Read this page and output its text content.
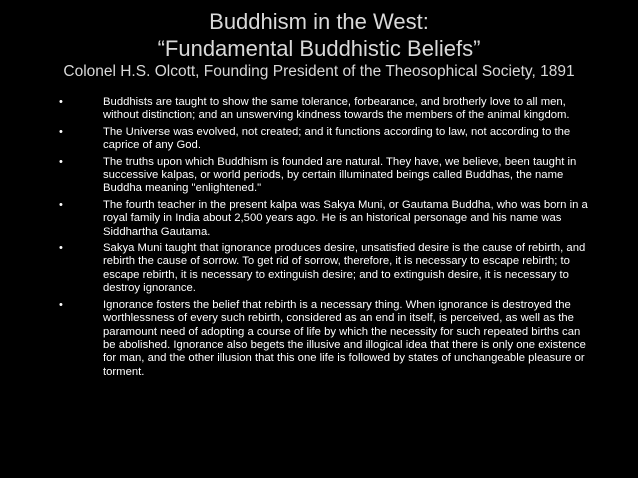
Buddhism in the West:
“Fundamental Buddhistic Beliefs”
Colonel H.S. Olcott, Founding President of the Theosophical Society, 1891
•	Buddhists are taught to show the same tolerance, forbearance, and brotherly love to all men, without distinction; and an unswerving kindness towards the members of the animal kingdom.
•	The Universe was evolved, not created; and it functions according to law, not according to the caprice of any God.
•	The truths upon which Buddhism is founded are natural. They have, we believe, been taught in successive kalpas, or world periods, by certain illuminated beings called Buddhas, the name Buddha meaning "enlightened."
•	The fourth teacher in the present kalpa was Sakya Muni, or Gautama Buddha, who was born in a royal family in India about 2,500 years ago. He is an historical personage and his name was Siddhartha Gautama.
•	Sakya Muni taught that ignorance produces desire, unsatisfied desire is the cause of rebirth, and rebirth the cause of sorrow. To get rid of sorrow, therefore, it is necessary to escape rebirth; to escape rebirth, it is necessary to extinguish desire; and to extinguish desire, it is necessary to destroy ignorance.
•	Ignorance fosters the belief that rebirth is a necessary thing. When ignorance is destroyed the worthlessness of every such rebirth, considered as an end in itself, is perceived, as well as the paramount need of adopting a course of life by which the necessity for such repeated births can be abolished. Ignorance also begets the illusive and illogical idea that there is only one existence for man, and the other illusion that this one life is followed by states of unchangeable pleasure or torment.
